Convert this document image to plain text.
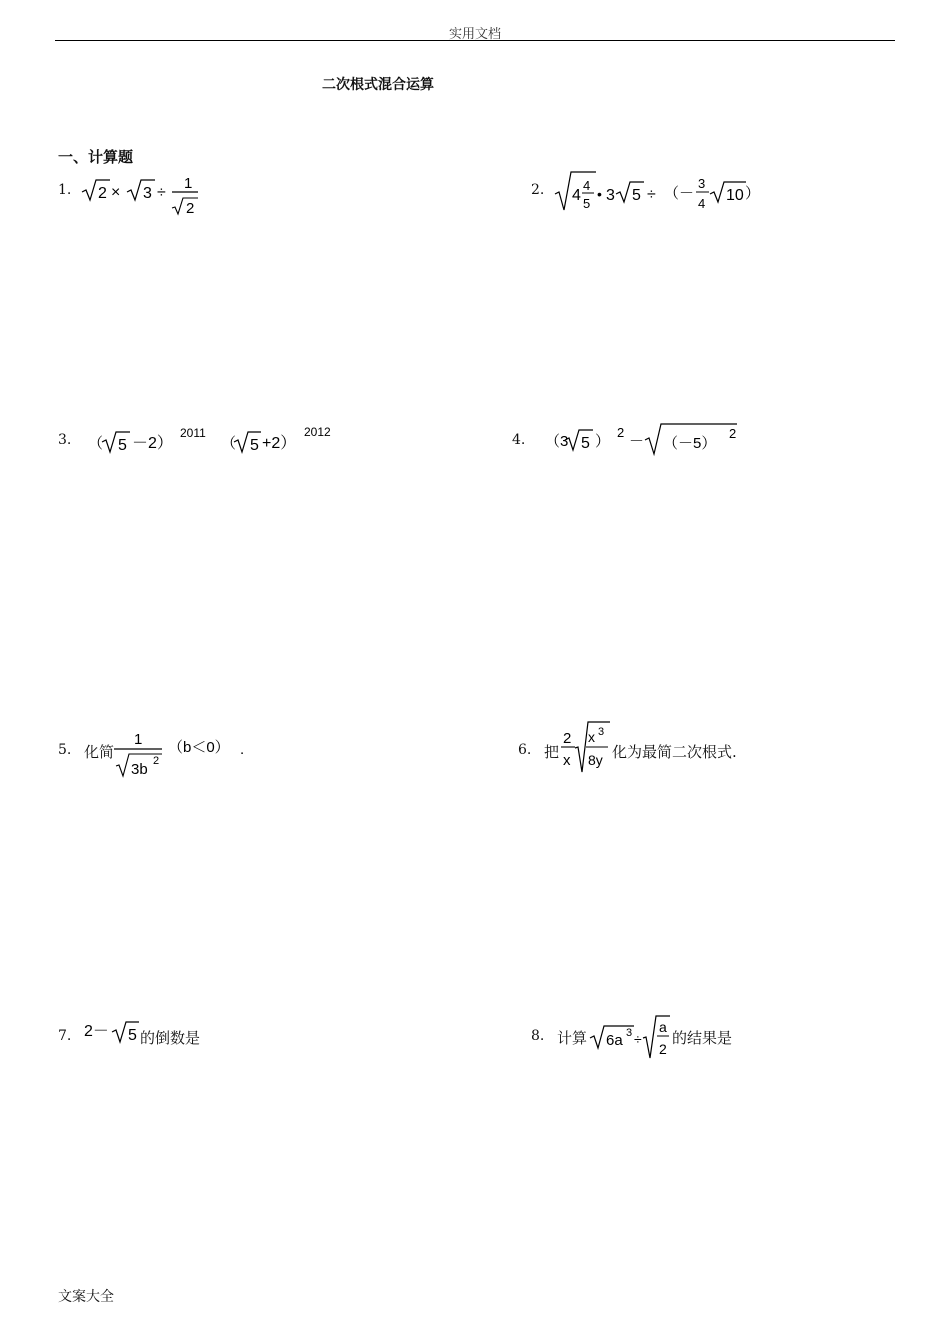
实用文档
二次根式混合运算
一、计算题
1. 2 × 3 ÷
1
2
2. 4
4
5
• 3 5 ÷ （ －
3
4 10 ）
3. （ 5 －2）
2011
（ 5 +2）
2012	4. （3 5 ）
2
－ （－5）
2
5. 化简
1
3b 2
（b＜0） .	6. 把
2
x
x 3
8y 化为最简二次根式.
7. 2－ 5 的倒数是	8. 计算 6a 3 ÷
a
2
的结果是
文案大全
